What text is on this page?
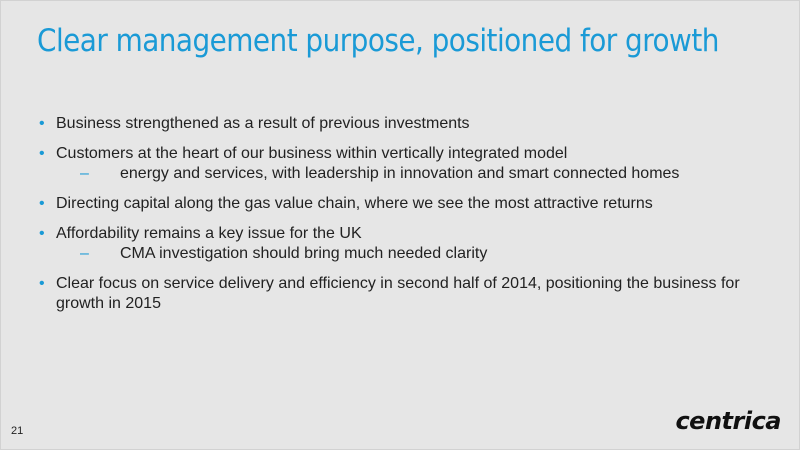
Clear management purpose, positioned for growth
• Business strengthened as a result of previous investments
• Customers at the heart of our business within vertically integrated model
– energy and services, with leadership in innovation and smart connected homes
• Directing capital along the gas value chain, where we see the most attractive returns
• Affordability remains a key issue for the UK
– CMA investigation should bring much needed clarity
• Clear focus on service delivery and efficiency in second half of 2014, positioning the business for growth in 2015
21	centrica
